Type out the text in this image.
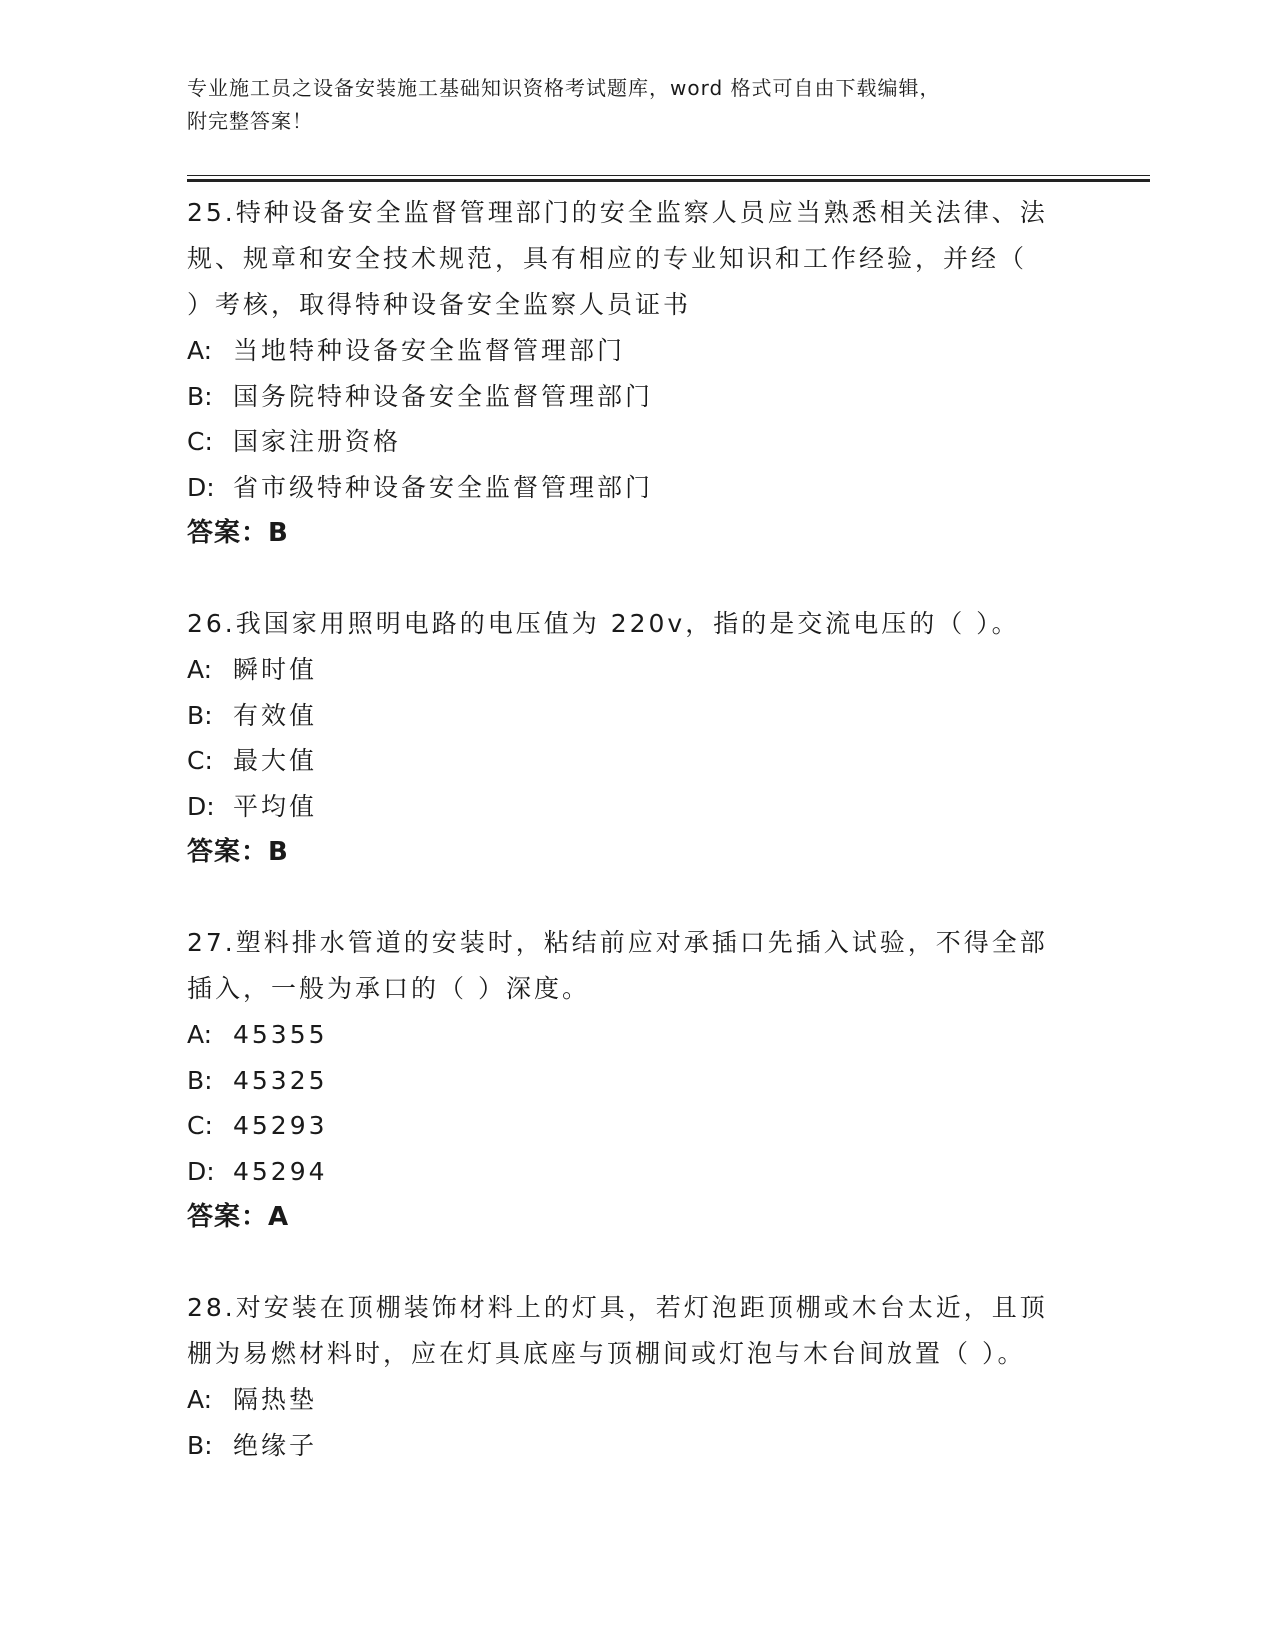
专业施工员之设备安装施工基础知识资格考试题库，word 格式可自由下载编辑，
附完整答案！
25.特种设备安全监督管理部门的安全监察人员应当熟悉相关法律、法
规、规章和安全技术规范，具有相应的专业知识和工作经验，并经（
）考核，取得特种设备安全监察人员证书
A: 当地特种设备安全监督管理部门
B: 国务院特种设备安全监督管理部门
C: 国家注册资格
D: 省市级特种设备安全监督管理部门
答案：B
26.我国家用照明电路的电压值为 220v，指的是交流电压的（ ）。
A: 瞬时值
B: 有效值
C: 最大值
D: 平均值
答案：B
27.塑料排水管道的安装时，粘结前应对承插口先插入试验，不得全部
插入，一般为承口的（ ）深度。
A: 45355
B: 45325
C: 45293
D: 45294
答案：A
28.对安装在顶棚装饰材料上的灯具，若灯泡距顶棚或木台太近，且顶
棚为易燃材料时，应在灯具底座与顶棚间或灯泡与木台间放置（ ）。
A: 隔热垫
B: 绝缘子
